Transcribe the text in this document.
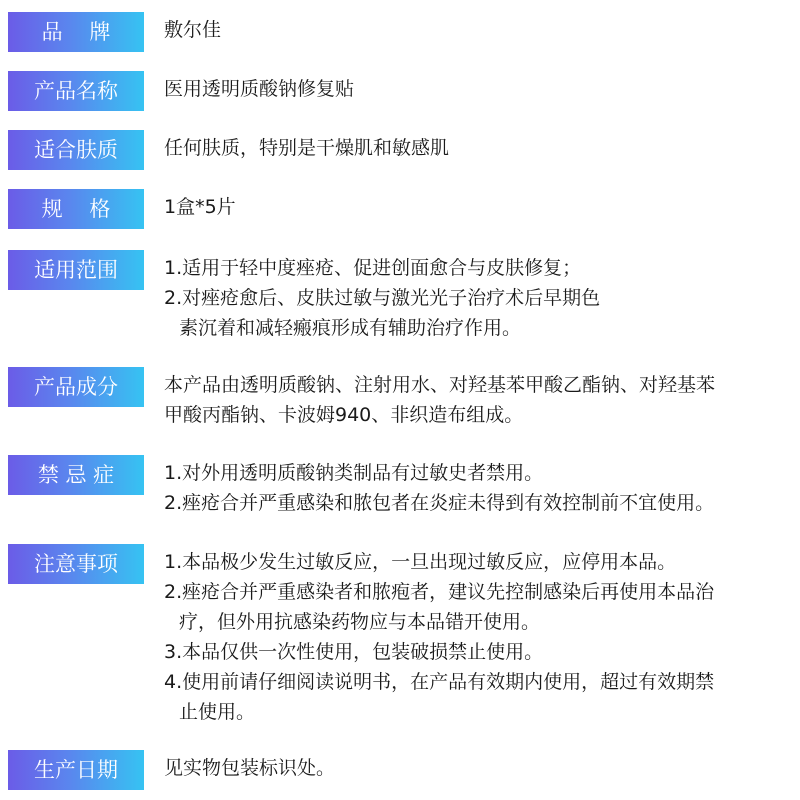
品    牌	敷尔佳
产品名称	医用透明质酸钠修复贴
适合肤质	任何肤质，特别是干燥肌和敏感肌
规    格	1盒*5片
适用范围	1.适用于轻中度痤疮、促进创面愈合与皮肤修复；
2.对痤疮愈后、皮肤过敏与激光光子治疗术后早期色
素沉着和减轻瘢痕形成有辅助治疗作用。
产品成分	本产品由透明质酸钠、注射用水、对羟基苯甲酸乙酯钠、对羟基苯
甲酸丙酯钠、卡波姆940、非织造布组成。
禁 忌 症	1.对外用透明质酸钠类制品有过敏史者禁用。
2.痤疮合并严重感染和脓包者在炎症未得到有效控制前不宜使用。
注意事项	1.本品极少发生过敏反应，一旦出现过敏反应，应停用本品。
2.痤疮合并严重感染者和脓疱者，建议先控制感染后再使用本品治
疗，但外用抗感染药物应与本品错开使用。
3.本品仅供一次性使用，包装破损禁止使用。
4.使用前请仔细阅读说明书，在产品有效期内使用，超过有效期禁
止使用。
生产日期	见实物包装标识处。
